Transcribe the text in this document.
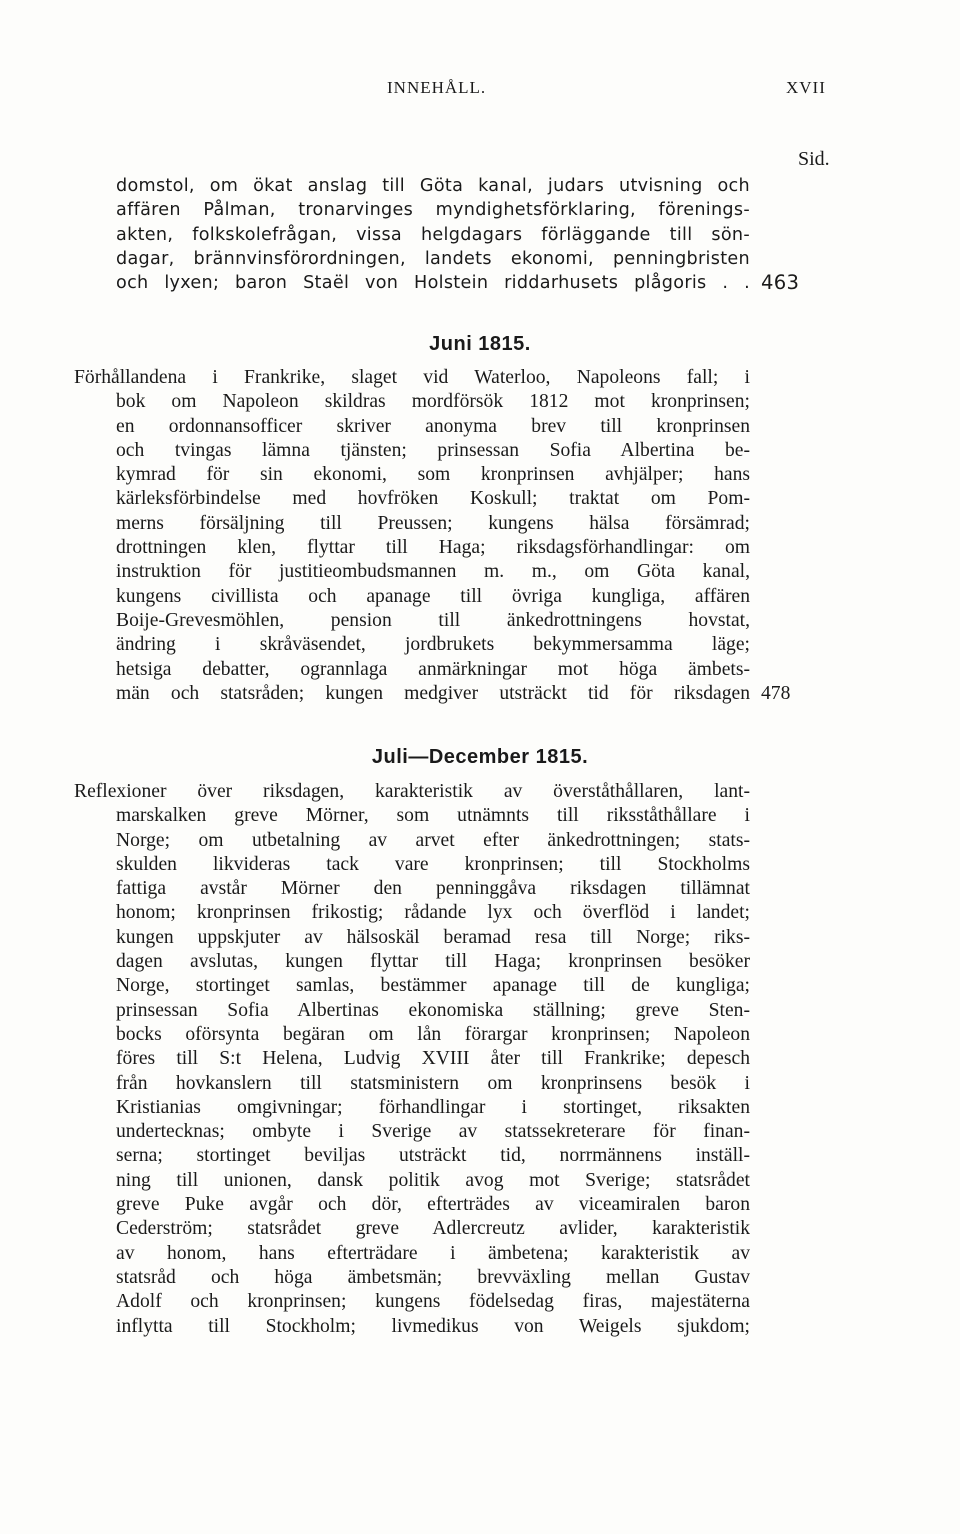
INNEHÅLL.	XVII
Sid.
domstol, om ökat anslag till Göta kanal, judars utvisning och
affären Pålman, tronarvinges myndighetsförklaring, förenings-
akten, folkskolefrågan, vissa helgdagars förläggande till sön-
dagar, brännvinsförordningen, landets ekonomi, penningbristen
och lyxen; baron Staël von Holstein riddarhusets plågoris . . 463
Juni 1815.
Förhållandena i Frankrike, slaget vid Waterloo, Napoleons fall; i
bok om Napoleon skildras mordförsök 1812 mot kronprinsen;
en ordonnansofficer skriver anonyma brev till kronprinsen
och tvingas lämna tjänsten; prinsessan Sofia Albertina be-
kymrad för sin ekonomi, som kronprinsen avhjälper; hans
kärleksförbindelse med hovfröken Koskull; traktat om Pom-
merns försäljning till Preussen; kungens hälsa försämrad;
drottningen klen, flyttar till Haga; riksdagsförhandlingar: om
instruktion för justitieombudsmannen m. m., om Göta kanal,
kungens civillista och apanage till övriga kungliga, affären
Boije-Grevesmöhlen, pension till änkedrottningens hovstat,
ändring i skråväsendet, jordbrukets bekymmersamma läge;
hetsiga debatter, ogrannlaga anmärkningar mot höga ämbets-
män och statsråden; kungen medgiver utsträckt tid för riksdagen 478
Juli—December 1815.
Reflexioner över riksdagen, karakteristik av överståthållaren, lant-
marskalken greve Mörner, som utnämnts till riksståthållare i
Norge; om utbetalning av arvet efter änkedrottningen; stats-
skulden likvideras tack vare kronprinsen; till Stockholms
fattiga avstår Mörner den penninggåva riksdagen tillämnat
honom; kronprinsen frikostig; rådande lyx och överflöd i landet;
kungen uppskjuter av hälsoskäl beramad resa till Norge; riks-
dagen avslutas, kungen flyttar till Haga; kronprinsen besöker
Norge, stortinget samlas, bestämmer apanage till de kungliga;
prinsessan Sofia Albertinas ekonomiska ställning; greve Sten-
bocks oförsynta begäran om lån förargar kronprinsen; Napoleon
föres till S:t Helena, Ludvig XVIII åter till Frankrike; depesch
från hovkanslern till statsministern om kronprinsens besök i
Kristianias omgivningar; förhandlingar i stortinget, riksakten
undertecknas; ombyte i Sverige av statssekreterare för finan-
serna; stortinget beviljas utsträckt tid, norrmännens inställ-
ning till unionen, dansk politik avog mot Sverige; statsrådet
greve Puke avgår och dör, efterträdes av viceamiralen baron
Cederström; statsrådet greve Adlercreutz avlider, karakteristik
av honom, hans efterträdare i ämbetena; karakteristik av
statsråd och höga ämbetsmän; brevväxling mellan Gustav
Adolf och kronprinsen; kungens födelsedag firas, majestäterna
inflytta till Stockholm; livmedikus von Weigels sjukdom;
